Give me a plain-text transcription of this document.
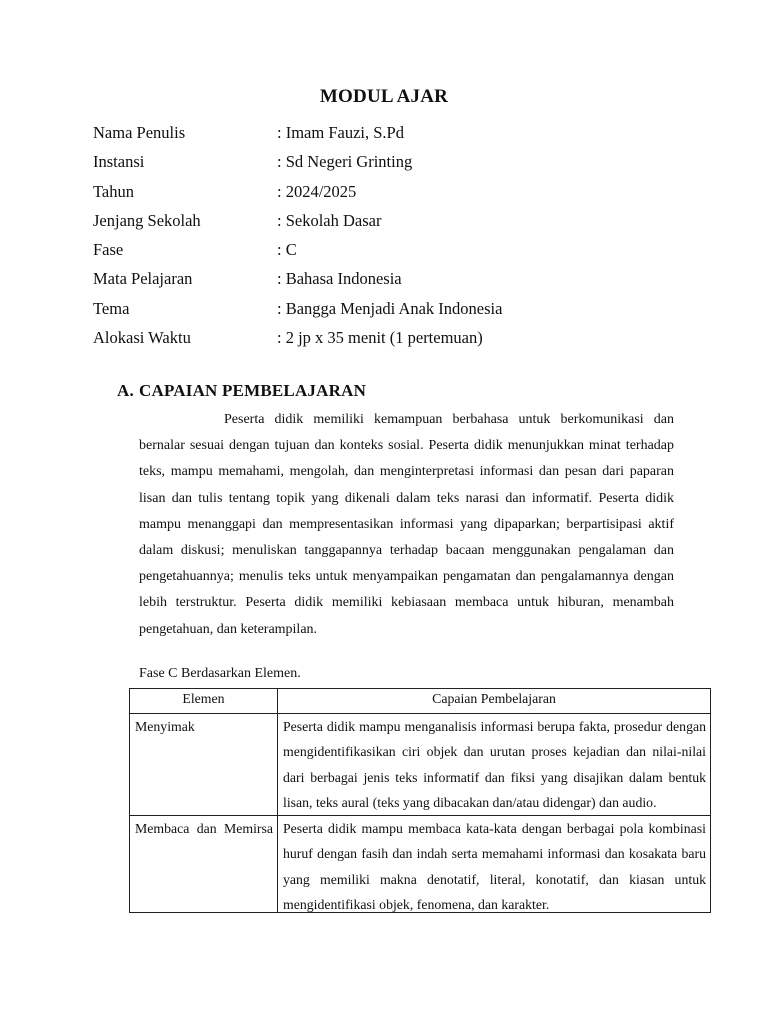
MODUL AJAR
Nama Penulis	: Imam Fauzi, S.Pd
Instansi	: Sd Negeri Grinting
Tahun	: 2024/2025
Jenjang Sekolah	: Sekolah Dasar
Fase	: C
Mata Pelajaran	: Bahasa Indonesia
Tema	: Bangga Menjadi Anak Indonesia
Alokasi Waktu	: 2 jp x 35 menit (1 pertemuan)
A. CAPAIAN PEMBELAJARAN

Peserta didik memiliki kemampuan berbahasa untuk berkomunikasi dan bernalar sesuai dengan tujuan dan konteks sosial. Peserta didik menunjukkan minat terhadap teks, mampu memahami, mengolah, dan menginterpretasi informasi dan pesan dari paparan lisan dan tulis tentang topik yang dikenali dalam teks narasi dan informatif. Peserta didik mampu menanggapi dan mempresentasikan informasi yang dipaparkan; berpartisipasi aktif dalam diskusi; menuliskan tanggapannya terhadap bacaan menggunakan pengalaman dan pengetahuannya; menulis teks untuk menyampaikan pengamatan dan pengalamannya dengan lebih terstruktur. Peserta didik memiliki kebiasaan membaca untuk hiburan, menambah pengetahuan, dan keterampilan.

Fase C Berdasarkan Elemen.
Elemen	Capaian Pembelajaran
Menyimak	Peserta didik mampu menganalisis informasi berupa fakta, prosedur dengan mengidentifikasikan ciri objek dan urutan proses kejadian dan nilai-nilai dari berbagai jenis teks informatif dan fiksi yang disajikan dalam bentuk lisan, teks aural (teks yang dibacakan dan/atau didengar) dan audio.
Membaca dan Memirsa	Peserta didik mampu membaca kata-kata dengan berbagai pola kombinasi huruf dengan fasih dan indah serta memahami informasi dan kosakata baru yang memiliki makna denotatif, literal, konotatif, dan kiasan untuk mengidentifikasi objek, fenomena, dan karakter.
